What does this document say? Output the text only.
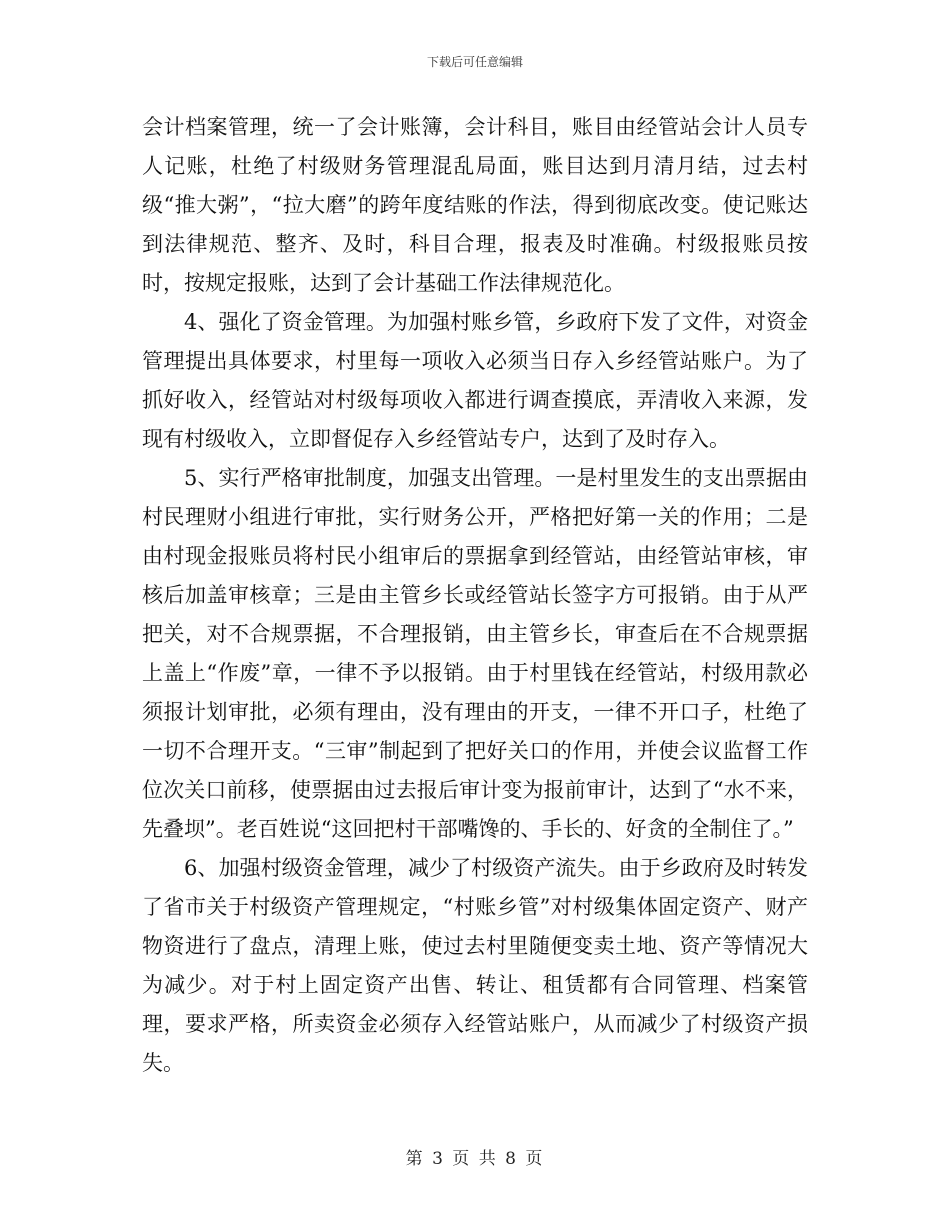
下载后可任意编辑

会计档案管理，统一了会计账簿，会计科目，账目由经管站会计人员专人记账，杜绝了村级财务管理混乱局面，账目达到月清月结，过去村级“推大粥”，“拉大磨”的跨年度结账的作法，得到彻底改变。使记账达到法律规范、整齐、及时，科目合理，报表及时准确。村级报账员按时，按规定报账，达到了会计基础工作法律规范化。

4、强化了资金管理。为加强村账乡管，乡政府下发了文件，对资金管理提出具体要求，村里每一项收入必须当日存入乡经管站账户。为了抓好收入，经管站对村级每项收入都进行调查摸底，弄清收入来源，发现有村级收入，立即督促存入乡经管站专户，达到了及时存入。

5、实行严格审批制度，加强支出管理。一是村里发生的支出票据由村民理财小组进行审批，实行财务公开，严格把好第一关的作用；二是由村现金报账员将村民小组审后的票据拿到经管站，由经管站审核，审核后加盖审核章；三是由主管乡长或经管站长签字方可报销。由于从严把关，对不合规票据，不合理报销，由主管乡长，审查后在不合规票据上盖上“作废”章，一律不予以报销。由于村里钱在经管站，村级用款必须报计划审批，必须有理由，没有理由的开支，一律不开口子，杜绝了一切不合理开支。“三审”制起到了把好关口的作用，并使会议监督工作位次关口前移，使票据由过去报后审计变为报前审计，达到了“水不来，先叠坝”。老百姓说“这回把村干部嘴馋的、手长的、好贪的全制住了。”

6、加强村级资金管理，减少了村级资产流失。由于乡政府及时转发了省市关于村级资产管理规定，“村账乡管”对村级集体固定资产、财产物资进行了盘点，清理上账，使过去村里随便变卖土地、资产等情况大为减少。对于村上固定资产出售、转让、租赁都有合同管理、档案管理，要求严格，所卖资金必须存入经管站账户，从而减少了村级资产损失。

第 3 页 共 8 页
